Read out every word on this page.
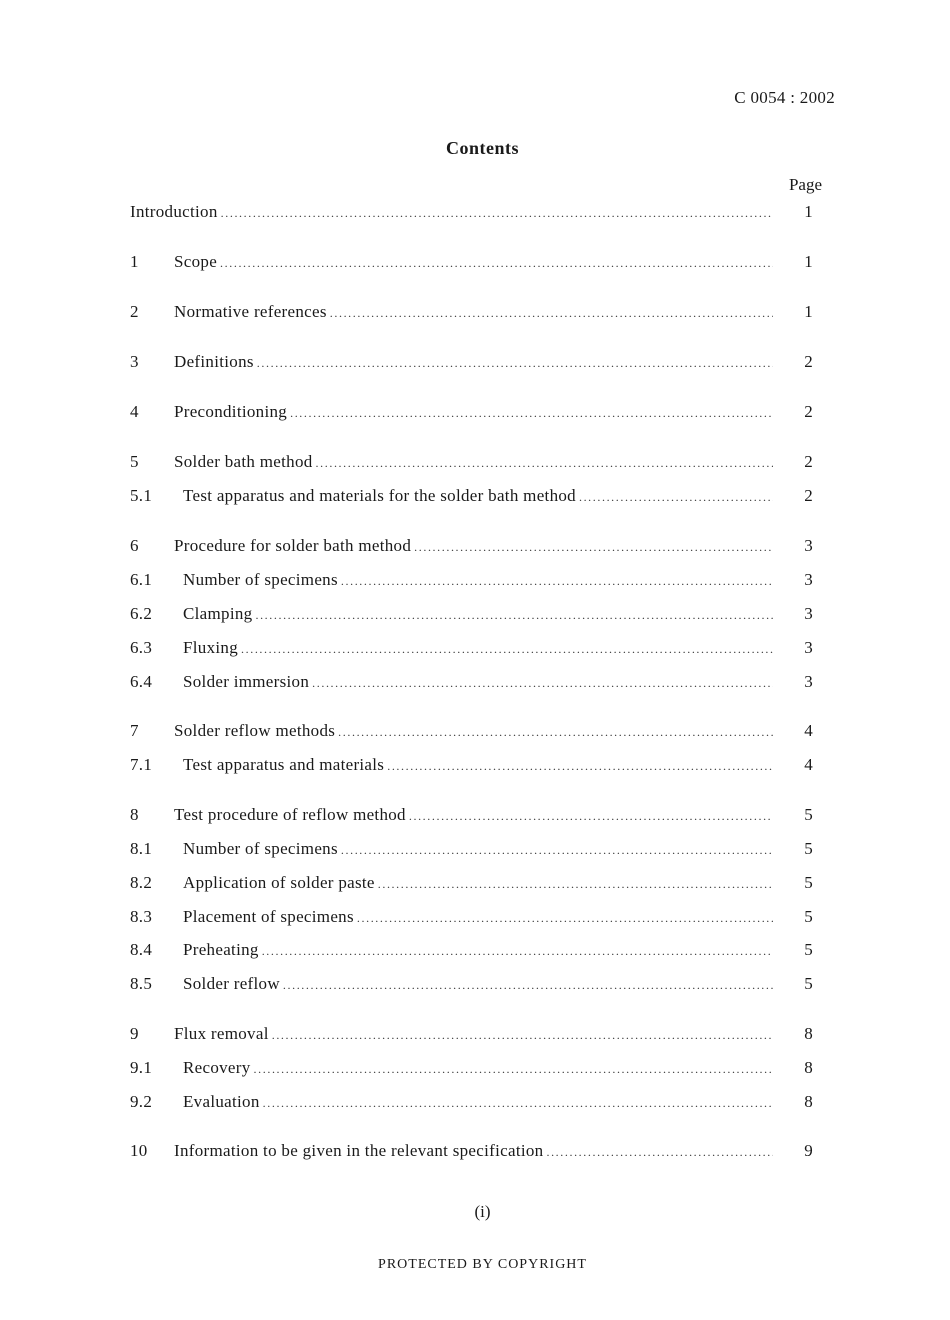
C 0054 : 2002
Contents
Page
Introduction .....	1
1	Scope .....	1
2	Normative references .....	1
3	Definitions .....	2
4	Preconditioning .....	2
5	Solder bath method .....	2
5.1	Test apparatus and materials for the solder bath method .....	2
6	Procedure for solder bath method .....	3
6.1	Number of specimens .....	3
6.2	Clamping .....	3
6.3	Fluxing .....	3
6.4	Solder immersion .....	3
7	Solder reflow methods .....	4
7.1	Test apparatus and materials .....	4
8	Test procedure of reflow method .....	5
8.1	Number of specimens .....	5
8.2	Application of solder paste .....	5
8.3	Placement of specimens .....	5
8.4	Preheating .....	5
8.5	Solder reflow .....	5
9	Flux removal .....	8
9.1	Recovery .....	8
9.2	Evaluation .....	8
10	Information to be given in the relevant specification .....	9
(i)
PROTECTED BY COPYRIGHT
